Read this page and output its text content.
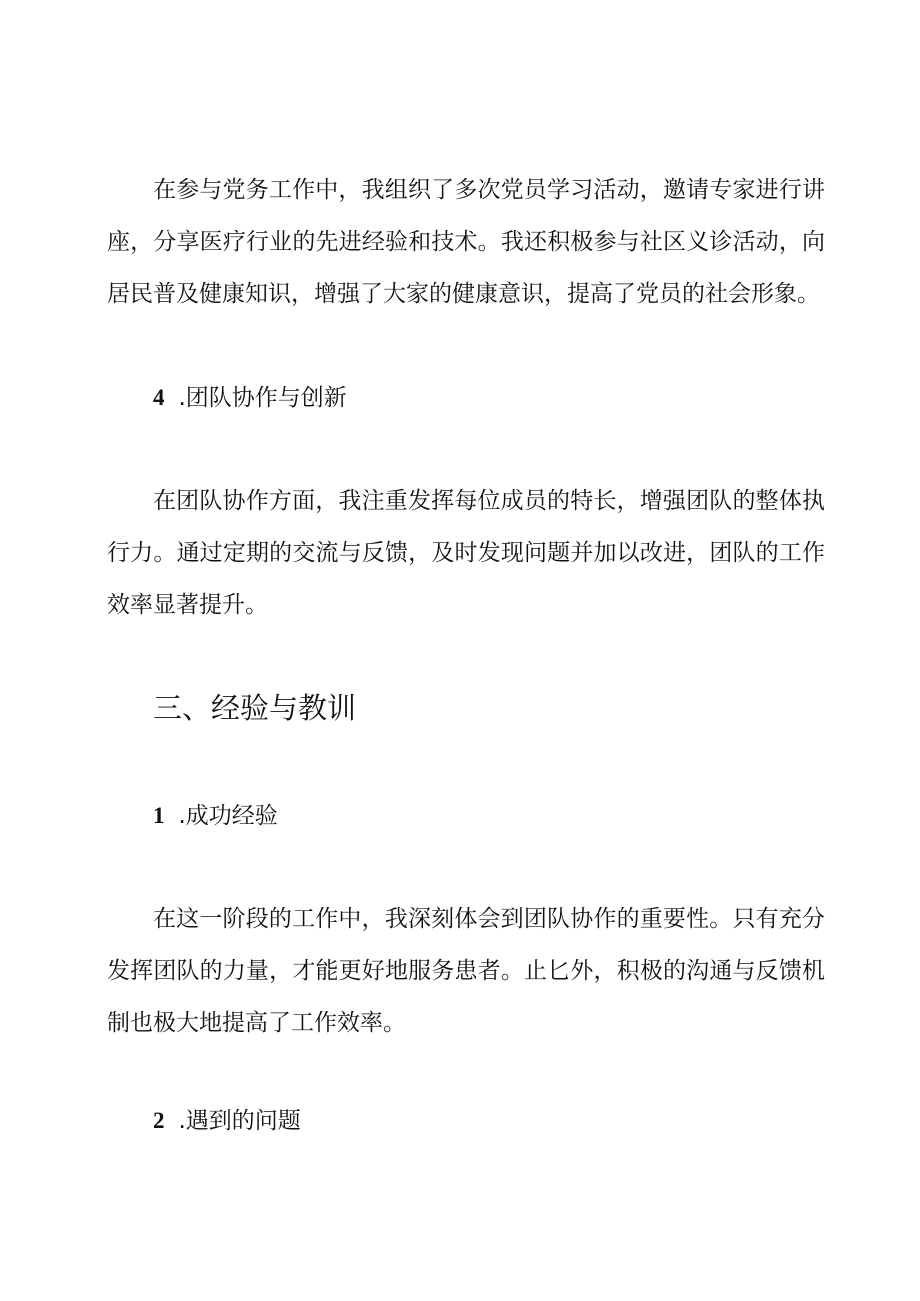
在参与党务工作中，我组织了多次党员学习活动，邀请专家进行讲座，分享医疗行业的先进经验和技术。我还积极参与社区义诊活动，向居民普及健康知识，增强了大家的健康意识，提高了党员的社会形象。

4 .团队协作与创新

在团队协作方面，我注重发挥每位成员的特长，增强团队的整体执行力。通过定期的交流与反馈，及时发现问题并加以改进，团队的工作效率显著提升。

三、经验与教训
1 .成功经验

在这一阶段的工作中，我深刻体会到团队协作的重要性。只有充分发挥团队的力量，才能更好地服务患者。止匕外，积极的沟通与反馈机制也极大地提高了工作效率。

2 .遇到的问题
